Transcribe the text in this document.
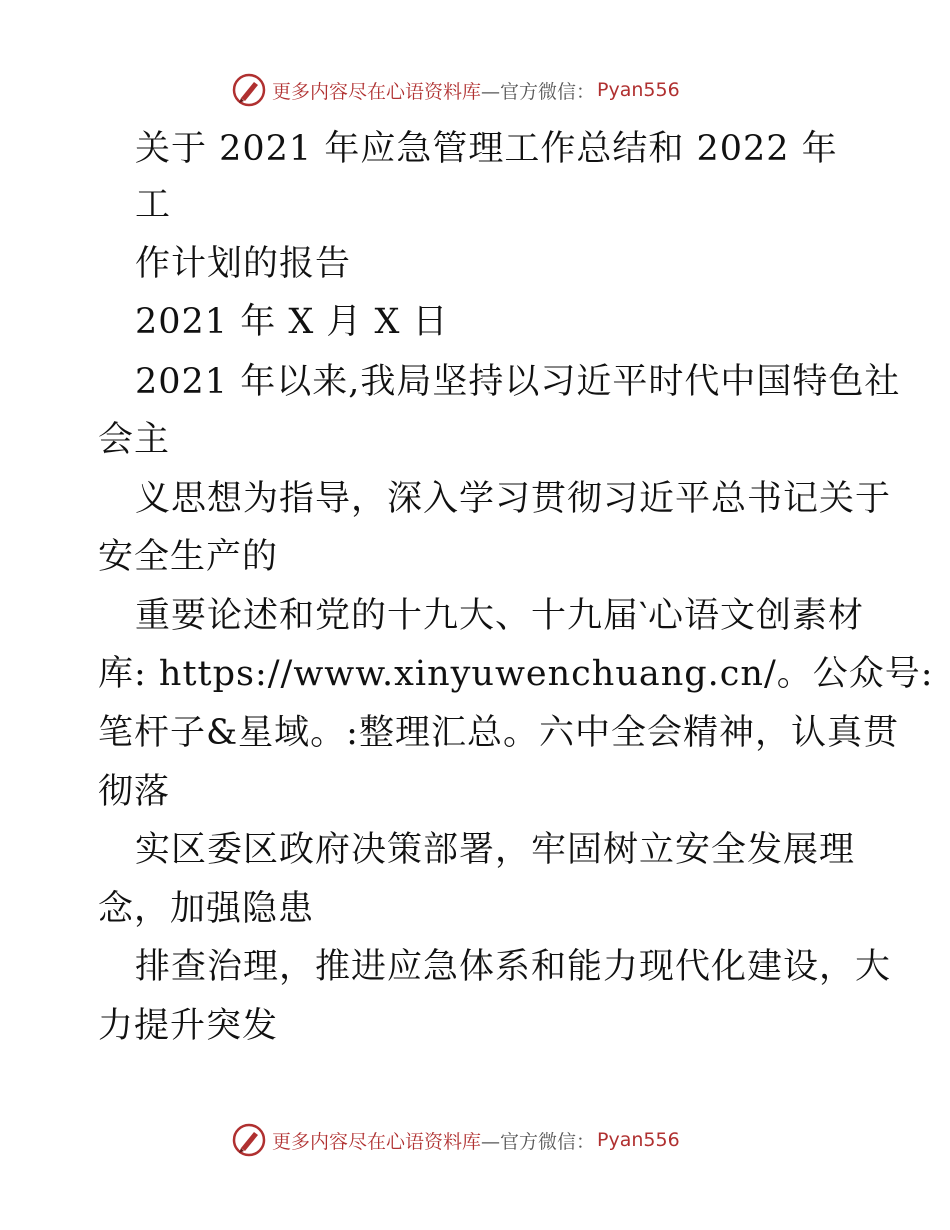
更多内容尽在心语资料库 —官方微信： Pyan556
关于 2021 年应急管理工作总结和 2022 年
工
作计划的报告
2021 年 X 月 X 日
2021 年以来,我局坚持以习近平时代中国特色社
会主
义思想为指导，深入学习贯彻习近平总书记关于
安全生产的
重要论述和党的十九大、十九届‵心语文创素材
库: https://www.xinyuwenchuang.cn/。公众号:
笔杆子&星域。:整理汇总。六中全会精神，认真贯
彻落
实区委区政府决策部署，牢固树立安全发展理
念，加强隐患
排查治理，推进应急体系和能力现代化建设，大
力提升突发
更多内容尽在心语资料库 —官方微信： Pyan556
